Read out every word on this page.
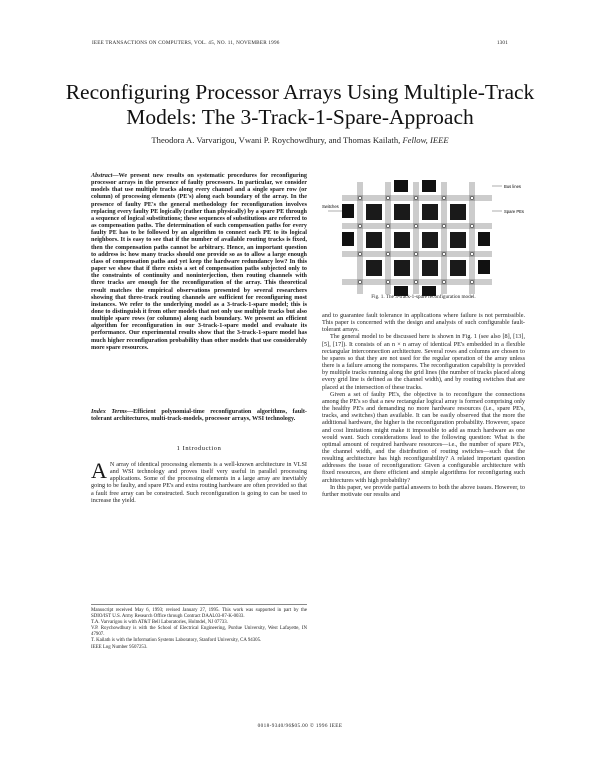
IEEE TRANSACTIONS ON COMPUTERS, VOL. 45, NO. 11, NOVEMBER 1996	1301
Reconfiguring Processor Arrays Using Multiple-Track Models: The 3-Track-1-Spare-Approach
Theodora A. Varvarigou, Vwani P. Roychowdhury, and Thomas Kailath, Fellow, IEEE
Abstract—We present new results on systematic procedures for reconfiguring processor arrays in the presence of faulty processors. In particular, we consider models that use multiple tracks along every channel and a single spare row (or column) of processing elements (PE's) along each boundary of the array. In the presence of faulty PE's the general methodology for reconfiguration involves replacing every faulty PE logically (rather than physically) by a spare PE through a sequence of logical substitutions; these sequences of substitutions are referred to as compensation paths. The determination of such compensation paths for every faulty PE has to be followed by an algorithm to connect each PE to its logical neighbors. It is easy to see that if the number of available routing tracks is fixed, then the compensation paths cannot be arbitrary. Hence, an important question to address is: how many tracks should one provide so as to allow a large enough class of compensation paths and yet keep the hardware redundancy low? In this paper we show that if there exists a set of compensation paths subjected only to the constraints of continuity and noninterjection, then routing channels with three tracks are enough for the reconfiguration of the array. This theoretical result matches the empirical observations presented by several researchers showing that three-track routing channels are sufficient for reconfiguring most instances. We refer to the underlying model as a 3-track-1-spare model; this is done to distinguish it from other models that not only use multiple tracks but also multiple spare rows (or columns) along each boundary. We present an efficient algorithm for reconfiguration in our 3-track-1-spare model and evaluate its performance. Our experimental results show that the 3-track-1-spare model has much higher reconfiguration probability than other models that use considerably more spare resources.
Index Terms—Efficient polynomial-time reconfiguration algorithms, fault-tolerant architectures, multi-track-models, processor arrays, WSI technology.
1 Introduction
A N array of identical processing elements is a well-known architecture in VLSI and WSI technology and proves itself very useful in parallel processing applications. Some of the processing elements in a large array are inevitably going to be faulty, and spare PE's and extra routing hardware are often provided so that a fault free array can be constructed. Such reconfiguration is going to can be used to increase the yield.

Manuscript received May 6, 1993; revised January 27, 1995. This work was supported in part by the SDIO/IST U.S. Army Research Office through Contract DAAL03-87-K-0033.

T.A. Varvarigou is with AT&T Bell Laboratories, Holmdel, NJ 07733.

V.P. Roychowdhury is with the School of Electrical Engineering, Purdue University, West Lafayette, IN 47907.

T. Kailath is with the Information Systems Laboratory, Stanford University, CA 94305.

IEEE Log Number 9507253.

Bus lines
Spare PEs
Switches
Fig. 1. The 3-track-1-spare reconfiguration model.

and to guarantee fault tolerance in applications where failure is not permissible. This paper is concerned with the design and analysis of such configurable fault-tolerant arrays.

The general model to be discussed here is shown in Fig. 1 (see also [8], [13], [5], [17]). It consists of an n × n array of identical PE's embedded in a flexible rectangular interconnection architecture. Several rows and columns are chosen to be spares so that they are not used for the regular operation of the array unless there is a failure among the nonspares. The reconfiguration capability is provided by multiple tracks running along the grid lines (the number of tracks placed along every grid line is defined as the channel width), and by routing switches that are placed at the intersection of these tracks.

Given a set of faulty PE's, the objective is to reconfigure the connections among the PE's so that a new rectangular logical array is formed comprising only the healthy PE's and demanding no more hardware resources (i.e., spare PE's, tracks, and switches) than available. It can be easily observed that the more the additional hardware, the higher is the reconfiguration probability. However, space and cost limitations might make it impossible to add as much hardware as one would want. Such considerations lead to the following question: What is the optimal amount of required hardware resources—i.e., the number of spare PE's, the channel width, and the distribution of routing switches—such that the resulting architecture has high reconfigurability? A related important question addresses the issue of reconfiguration: Given a configurable architecture with fixed resources, are there efficient and simple algorithms for reconfiguring such architectures with high probability?

In this paper, we provide partial answers to both the above issues. However, to further motivate our results and

0018-9340/96$05.00 © 1996 IEEE
